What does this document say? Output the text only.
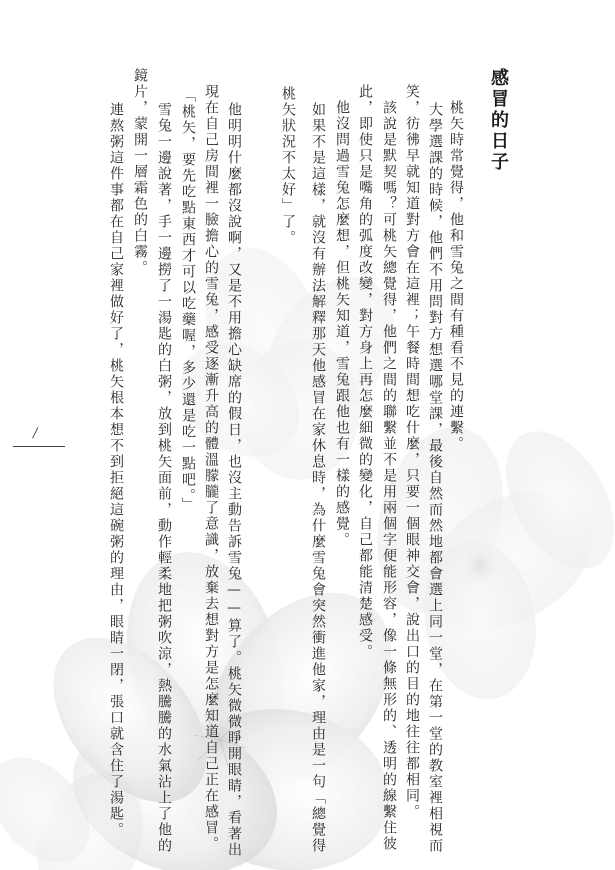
感冒的日子
桃矢時常覺得，他和雪兔之間有種看不見的連繫。
大學選課的時候，他們不用問對方想選哪堂課，最後自然而然地都會選上同一堂，在第一堂的教室裡相視而
笑，彷彿早就知道對方會在這裡；午餐時間想吃什麼，只要一個眼神交會，說出口的目的地往往都相同。
該說是默契嗎？可桃矢總覺得，他們之間的聯繫並不是用兩個字便能形容，像一條無形的、透明的線繫住彼
此，即使只是嘴角的弧度改變，對方身上再怎麼細微的變化，自己都能清楚感受。
他沒問過雪兔怎麼想，但桃矢知道，雪兔跟他也有一樣的感覺。
如果不是這樣，就沒有辦法解釋那天他感冒在家休息時，為什麼雪兔會突然衝進他家，理由是一句「總覺得
桃矢狀況不太好」了。
他明明什麼都沒說啊，又是不用擔心缺席的假日，也沒主動告訴雪兔——算了。桃矢微微睜開眼睛，看著出
現在自己房間裡一臉擔心的雪兔，感受逐漸升高的體溫朦朧了意識，放棄去想對方是怎麼知道自己正在感冒。
「桃矢，要先吃點東西才可以吃藥喔，多少還是吃一點吧。」
雪兔一邊說著，手一邊撈了一湯匙的白粥，放到桃矢面前，動作輕柔地把粥吹涼，熱騰騰的水氣沾上了他的
鏡片，蒙開一層霜色的白霧。
連熬粥這件事都在自己家裡做好了，桃矢根本想不到拒絕這碗粥的理由，眼睛一閉，張口就含住了湯匙。
/
